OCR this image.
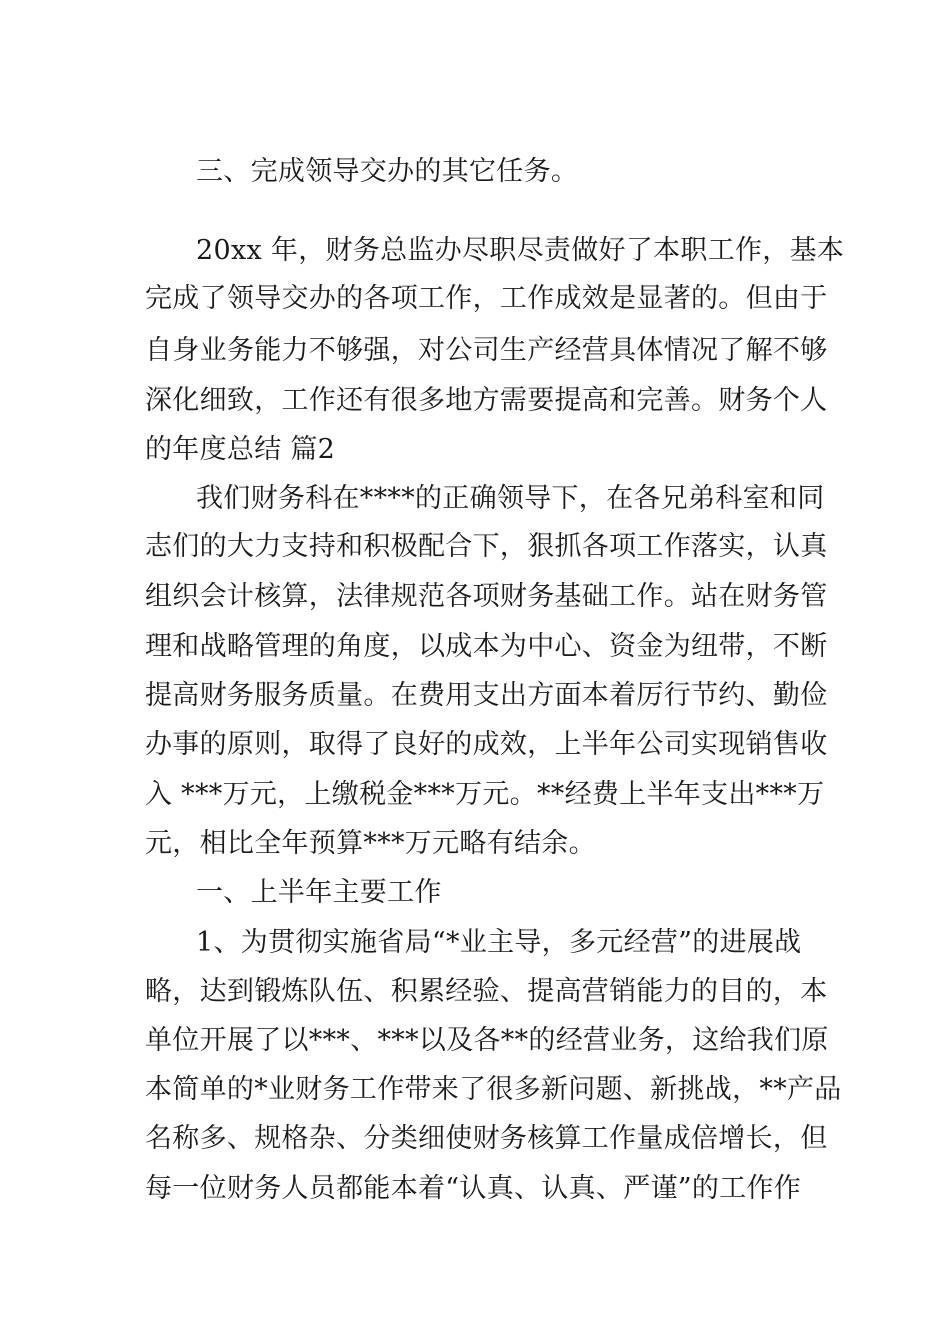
三、完成领导交办的其它任务。
20xx 年，财务总监办尽职尽责做好了本职工作，基本
完成了领导交办的各项工作，工作成效是显著的。但由于
自身业务能力不够强，对公司生产经营具体情况了解不够
深化细致，工作还有很多地方需要提高和完善。财务个人
的年度总结 篇2
我们财务科在****的正确领导下，在各兄弟科室和同
志们的大力支持和积极配合下，狠抓各项工作落实，认真
组织会计核算，法律规范各项财务基础工作。站在财务管
理和战略管理的角度，以成本为中心、资金为纽带，不断
提高财务服务质量。在费用支出方面本着厉行节约、勤俭
办事的原则，取得了良好的成效，上半年公司实现销售收
入 ***万元，上缴税金***万元。**经费上半年支出***万
元，相比全年预算***万元略有结余。
一、上半年主要工作
1、为贯彻实施省局“*业主导，多元经营”的进展战
略，达到锻炼队伍、积累经验、提高营销能力的目的，本
单位开展了以***、***以及各**的经营业务，这给我们原
本简单的*业财务工作带来了很多新问题、新挑战，**产品
名称多、规格杂、分类细使财务核算工作量成倍增长，但
每一位财务人员都能本着“认真、认真、严谨”的工作作
